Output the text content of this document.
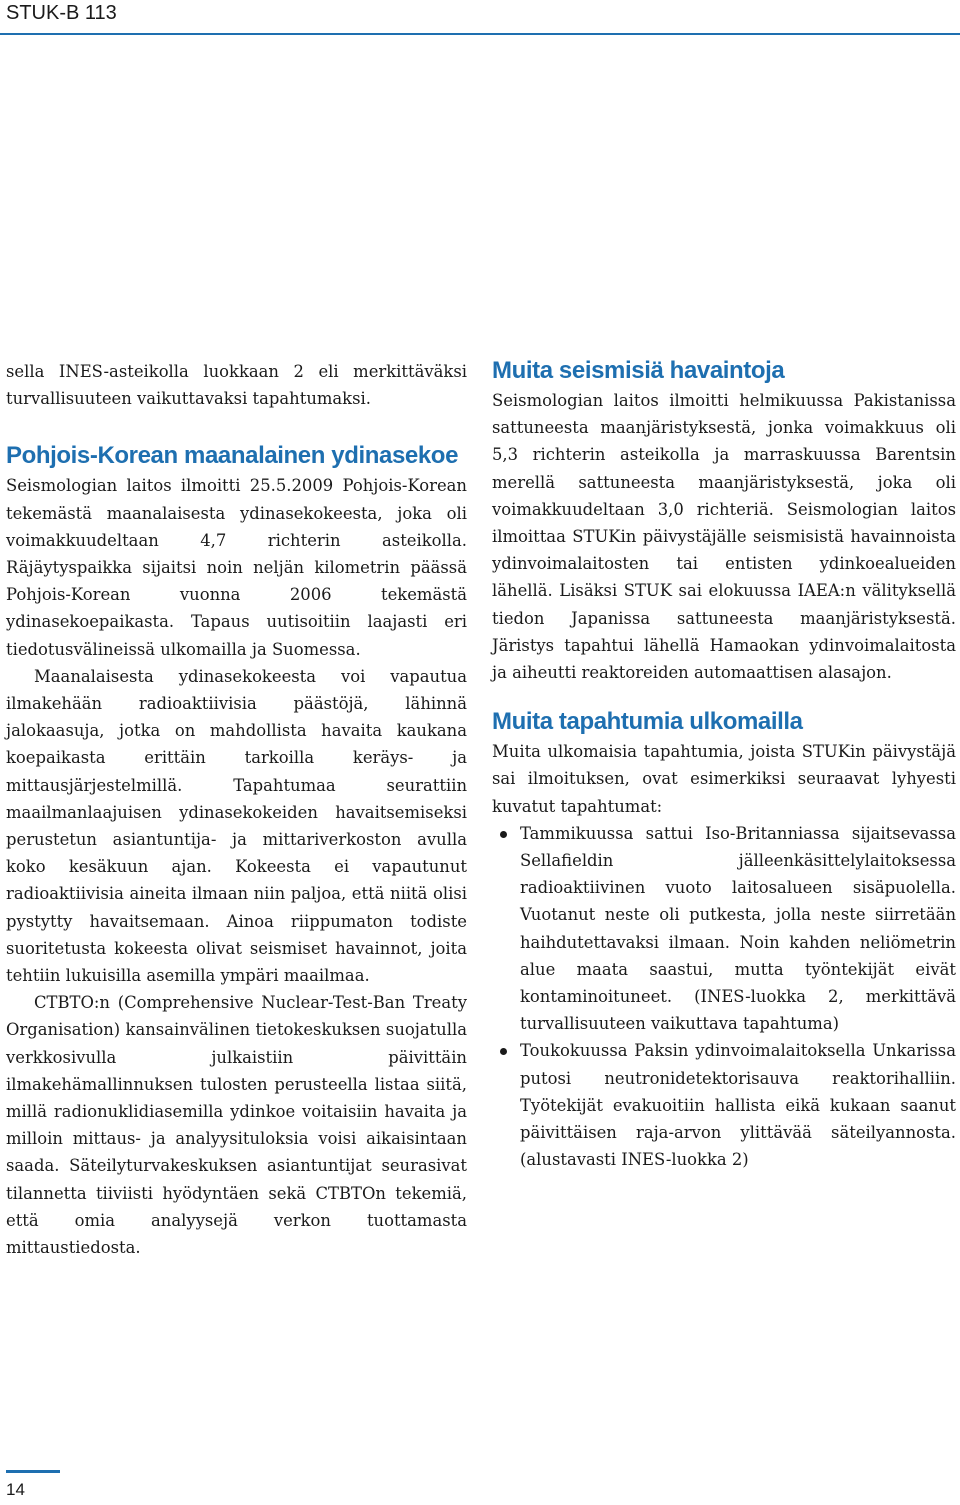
STUK-B 113

sella INES-asteikolla luokkaan 2 eli merkittäväksi turvallisuuteen vaikuttavaksi tapahtumaksi.

Pohjois-Korean maanalainen ydinasekoe

Seismologian laitos ilmoitti 25.5.2009 Pohjois-Korean tekemästä maanalaisesta ydinasekokeesta, joka oli voimakkuudeltaan 4,7 richterin asteikolla. Räjäytyspaikka sijaitsi noin neljän kilometrin päässä Pohjois-Korean vuonna 2006 tekemästä ydinasekoepaikasta. Tapaus uutisoitiin laajasti eri tiedotusvälineissä ulkomailla ja Suomessa.

Maanalaisesta ydinasekokeesta voi vapautua ilmakehään radioaktiivisia päästöjä, lähinnä jalokaasuja, jotka on mahdollista havaita kaukana koepaikasta erittäin tarkoilla keräys- ja mittausjärjestelmillä. Tapahtumaa seurattiin maailmanlaajuisen ydinasekokeiden havaitsemiseksi perustetun asiantuntija- ja mittariverkoston avulla koko kesäkuun ajan. Kokeesta ei vapautunut radioaktiivisia aineita ilmaan niin paljoa, että niitä olisi pystytty havaitsemaan. Ainoa riippumaton todiste suoritetusta kokeesta olivat seismiset havainnot, joita tehtiin lukuisilla asemilla ympäri maailmaa.

CTBTO:n (Comprehensive Nuclear-Test-Ban Treaty Organisation) kansainvälinen tietokeskuksen suojatulla verkkosivulla julkaistiin päivittäin ilmakehämallinnuksen tulosten perusteella listaa siitä, millä radionuklidiasemilla ydinkoe voitaisiin havaita ja milloin mittaus- ja analyysituloksia voisi aikaisintaan saada. Säteilyturvakeskuksen asiantuntijat seurasivat tilannetta tiiviisti hyödyntäen sekä CTBTOn tekemiä, että omia analyysejä verkon tuottamasta mittaustiedosta.

Muita seismisiä havaintoja

Seismologian laitos ilmoitti helmikuussa Pakistanissa sattuneesta maanjäristyksestä, jonka voimakkuus oli 5,3 richterin asteikolla ja marraskuussa Barentsin merellä sattuneesta maanjäristyksestä, joka oli voimakkuudeltaan 3,0 richteriä. Seismologian laitos ilmoittaa STUKin päivystäjälle seismisistä havainnoista ydinvoimalaitosten tai entisten ydinkoealueiden lähellä. Lisäksi STUK sai elokuussa IAEA:n välityksellä tiedon Japanissa sattuneesta maanjäristyksestä. Järistys tapahtui lähellä Hamaokan ydinvoimalaitosta ja aiheutti reaktoreiden automaattisen alasajon.

Muita tapahtumia ulkomailla

Muita ulkomaisia tapahtumia, joista STUKin päivystäjä sai ilmoituksen, ovat esimerkiksi seuraavat lyhyesti kuvatut tapahtumat:

Tammikuussa sattui Iso-Britanniassa sijaitsevassa Sellafieldin jälleenkäsittelylaitoksessa radioaktiivinen vuoto laitosalueen sisäpuolella. Vuotanut neste oli putkesta, jolla neste siirretään haihdutettavaksi ilmaan. Noin kahden neliömetrin alue maata saastui, mutta työntekijät eivät kontaminoituneet. (INES-luokka 2, merkittävä turvallisuuteen vaikuttava tapahtuma)
Toukokuussa Paksin ydinvoimalaitoksella Unkarissa putosi neutronidetektorisauva reaktorihalliin. Työtekijät evakuoitiin hallista eikä kukaan saanut päivittäisen raja-arvon ylittävää säteilyannosta. (alustavasti INES-luokka 2)
14
